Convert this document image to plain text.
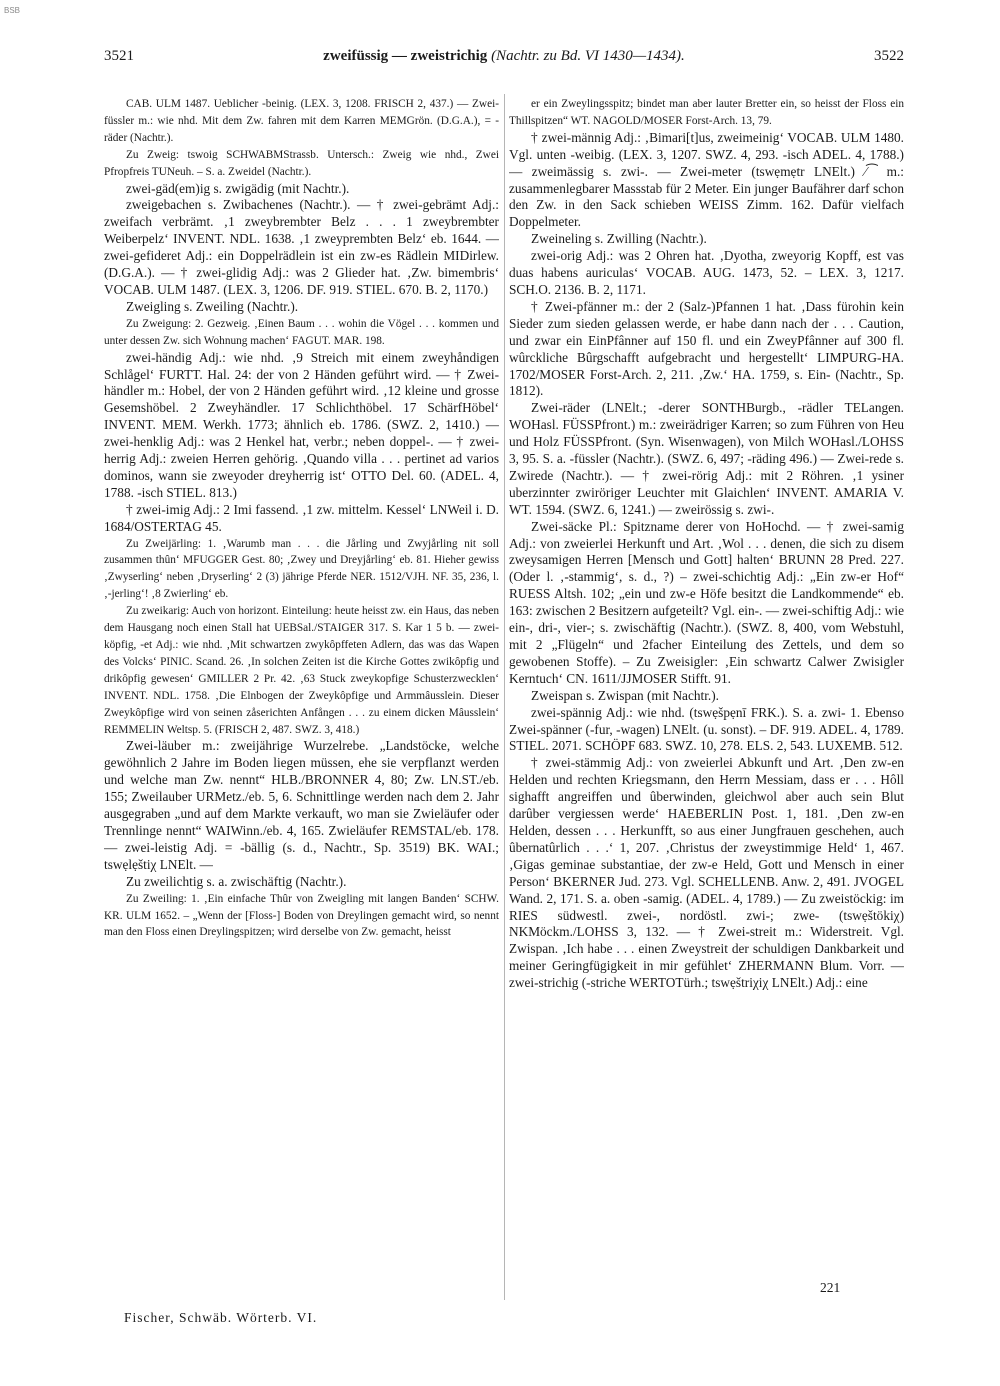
BSB
3521	zweifüssig — zweistrichig (Nachtr. zu Bd. VI 1430—1434).	3522

CAB. ULM 1487. Ueblicher -beinig. (LEX. 3, 1208. FRISCH 2, 437.) — Zwei-füssler m.: wie nhd. Mit dem Zw. fahren mit dem Karren MEMGrön. (D.G.A.), = -räder (Nachtr.).

Zu Zweig: tswoig SCHWABMStrassb. Untersch.: Zweig wie nhd., Zwei Pfropfreis TUNeuh. – S. a. Zweidel (Nachtr.).

zwei-gäd(em)ig s. zwigädig (mit Nachtr.).

zweigebachen s. Zwibachenes (Nachtr.). — † zwei-gebrämt Adj.: zweifach verbrämt. ‚1 zweybrembter Belz . . . 1 zweybrembter Weiberpelz‘ INVENT. NDL. 1638. ‚1 zweyprembten Belz‘ eb. 1644. — zwei-gefideret Adj.: ein Doppelrädlein ist ein zw-es Rädlein MIDirlew. (D.G.A.). — † zwei-glidig Adj.: was 2 Glieder hat. ‚Zw. bimembris‘ VOCAB. ULM 1487. (LEX. 3, 1206. DF. 919. STIEL. 670. B. 2, 1170.)

Zweigling s. Zweiling (Nachtr.).

Zu Zweigung: 2. Gezweig. ‚Einen Baum . . . wohin die Vögel . . . kommen und unter dessen Zw. sich Wohnung machen‘ FAGUT. MAR. 198.

zwei-händig Adj.: wie nhd. ‚9 Streich mit einem zweyhåndigen Schlågel‘ FURTT. Hal. 24: der von 2 Händen geführt wird. — † Zwei-händler m.: Hobel, der von 2 Händen geführt wird. ‚12 kleine und grosse Gesemshöbel. 2 Zweyhändler. 17 Schlichthöbel. 17 SchärfHöbel‘ INVENT. MEM. Werkh. 1773; ähnlich eb. 1786. (SWZ. 2, 1410.) — zwei-henklig Adj.: was 2 Henkel hat, verbr.; neben doppel-. — † zwei-herrig Adj.: zweien Herren gehörig. ‚Quando villa . . . pertinet ad varios dominos, wann sie zweyoder dreyherrig ist‘ OTTO Del. 60. (ADEL. 4, 1788. -isch STIEL. 813.)

† zwei-imig Adj.: 2 Imi fassend. ‚1 zw. mittelm. Kessel‘ LNWeil i. D. 1684/OSTERTAG 45.

Zu Zweijärling: 1. ‚Warumb man . . . die Jårling und Zwyjårling nit soll zusammen thûn‘ MFUGGER Gest. 80; ‚Zwey und Dreyjårling‘ eb. 81. Hieher gewiss ‚Zwyserling‘ neben ‚Dryserling‘ 2 (3) jährige Pferde NER. 1512/VJH. NF. 35, 236, l. ‚-jerling‘! ‚8 Zwierling‘ eb.

Zu zweikarig: Auch von horizont. Einteilung: heute heisst zw. ein Haus, das neben dem Hausgang noch einen Stall hat UEBSal./STAIGER 317. S. Kar 1 5 b. — zwei-köpfig, -et Adj.: wie nhd. ‚Mit schwartzen zwykôpffeten Adlern, das was das Wapen des Volcks‘ PINIC. Scand. 26. ‚In solchen Zeiten ist die Kirche Gottes zwikôpfig und drikôpfig gewesen‘ GMILLER 2 Pr. 42. ‚63 Stuck zweykopfige Schusterzwecklen‘ INVENT. NDL. 1758. ‚Die Elnbogen der Zweykôpfige und Armmâusslein. Dieser Zweykôpfige wird von seinen zåserichten Anfången . . . zu einem dicken Mâusslein‘ REMMELIN Weltsp. 5. (FRISCH 2, 487. SWZ. 3, 418.)

Zwei-läuber m.: zweijährige Wurzelrebe. „Landstöcke, welche gewöhnlich 2 Jahre im Boden liegen müssen, ehe sie verpflanzt werden und welche man Zw. nennt“ HLB./BRONNER 4, 80; Zw. LN.ST./eb. 155; Zweilauber URMetz./eb. 5, 6. Schnittlinge werden nach dem 2. Jahr ausgegraben „und auf dem Markte verkauft, wo man sie Zwieläufer oder Trennlinge nennt“ WAIWinn./eb. 4, 165. Zwieläufer REMSTAL/eb. 178. — zwei-leistig Adj. = -bällig (s. d., Nachtr., Sp. 3519) BK. WAI.; tswẹlẹštiχ LNElt. —

Zu zweilichtig s. a. zwischäftig (Nachtr.).

Zu Zweiling: 1. ‚Ein einfache Thûr von Zweigling mit langen Banden‘ SCHW. KR. ULM 1652. – „Wenn der [Floss-] Boden von Dreylingen gemacht wird, so nennt man den Floss einen Dreylingspitzen; wird derselbe von Zw. gemacht, heisst

er ein Zweylingsspitz; bindet man aber lauter Bretter ein, so heisst der Floss ein Thillspitzen“ WT. NAGOLD/MOSER Forst-Arch. 13, 79.

† zwei-männig Adj.: ‚Bimari[t]us, zweimeinig‘ VOCAB. ULM 1480. Vgl. unten -weibig. (LEX. 3, 1207. SWZ. 4, 293. -isch ADEL. 4, 1788.) — zweimässig s. zwi-. — Zwei-meter (tswẹmẹtr LNElt.) ⁄⁀ m.: zusammenlegbarer Massstab für 2 Meter. Ein junger Baufährer darf schon den Zw. in den Sack schieben WEISS Zimm. 162. Dafür vielfach Doppelmeter.

Zweineling s. Zwilling (Nachtr.).

zwei-orig Adj.: was 2 Ohren hat. ‚Dyotha, zweyorig Kopff, est vas duas habens auriculas‘ VOCAB. AUG. 1473, 52. – LEX. 3, 1217. SCH.O. 2136. B. 2, 1171.

† Zwei-pfänner m.: der 2 (Salz-)Pfannen 1 hat. ‚Dass fürohin kein Sieder zum sieden gelassen werde, er habe dann nach der . . . Caution, und zwar ein EinPfânner auf 150 fl. und ein ZweyPfânner auf 300 fl. wûrckliche Bûrgschafft aufgebracht und hergestellt‘ LIMPURG-HA. 1702/MOSER Forst-Arch. 2, 211. ‚Zw.‘ HA. 1759, s. Ein- (Nachtr., Sp. 1812).

Zwei-räder (LNElt.; -derer SONTHBurgb., -rädler TELangen. WOHasl. FÜSSPfront.) m.: zweirädriger Karren; so zum Führen von Heu und Holz FÜSSPfront. (Syn. Wisenwagen), von Milch WOHasl./LOHSS 3, 95. S. a. -füssler (Nachtr.). (SWZ. 6, 497; -räding 496.) — Zwei-rede s. Zwirede (Nachtr.). — † zwei-rörig Adj.: mit 2 Röhren. ‚1 ysiner uberzinnter zwiröriger Leuchter mit Glaichlen‘ INVENT. AMARIA V. WT. 1594. (SWZ. 6, 1241.) — zweirössig s. zwi-.

Zwei-säcke Pl.: Spitzname derer von HoHochd. — † zwei-samig Adj.: von zweierlei Herkunft und Art. ‚Wol . . . denen, die sich zu disem zweysamigen Herren [Mensch und Gott] halten‘ BRUNN 28 Pred. 227. (Oder l. ‚-stammig‘, s. d., ?) – zwei-schichtig Adj.: „Ein zw-er Hof“ RUESS Altsh. 102; „ein und zw-e Höfe besitzt die Landkommende“ eb. 163: zwischen 2 Besitzern aufgeteilt? Vgl. ein-. — zwei-schiftig Adj.: wie ein-, dri-, vier-; s. zwischäftig (Nachtr.). (SWZ. 8, 400, vom Webstuhl, mit 2 „Flügeln“ und 2facher Einteilung des Zettels, und dem so gewobenen Stoffe). – Zu Zweisigler: ‚Ein schwartz Calwer Zwisigler Kerntuch‘ CN. 1611/JJMOSER Stifft. 91.

Zweispan s. Zwispan (mit Nachtr.).

zwei-spännig Adj.: wie nhd. (tswẹšpẹnī FRK.). S. a. zwi- 1. Ebenso Zwei-spänner (-fur, -wagen) LNElt. (u. sonst). – DF. 919. ADEL. 4, 1789. STIEL. 2071. SCHÖPF 683. SWZ. 10, 278. ELS. 2, 543. LUXEMB. 512.

† zwei-stämmig Adj.: von zweierlei Abkunft und Art. ‚Den zw-en Helden und rechten Kriegsmann, den Herrn Messiam, dass er . . . Hôll sighafft angreiffen und ûberwinden, gleichwol aber auch sein Blut darûber vergiessen werde‘ HAEBERLIN Post. 1, 181. ‚Den zw-en Helden, dessen . . . Herkunfft, so aus einer Jungfrauen geschehen, auch ûbernatûrlich . . .‘ 1, 207. ‚Christus der zweystimmige Held‘ 1, 467. ‚Gigas geminae substantiae, der zw-e Held, Gott und Mensch in einer Person‘ BKERNER Jud. 273. Vgl. SCHELLENB. Anw. 2, 491. JVOGEL Wand. 2, 171. S. a. oben -samig. (ADEL. 4, 1789.) — Zu zweistöckig: im RIES südwestl. zwei-, nordöstl. zwi-; zwe- (tswẹštökiχ) NKMöckm./LOHSS 3, 132. — † Zwei-streit m.: Widerstreit. Vgl. Zwispan. ‚Ich habe . . . einen Zweystreit der schuldigen Dankbarkeit und meiner Geringfügigkeit in mir gefühlet‘ ZHERMANN Blum. Vorr. — zwei-strichig (-striche WERTOTürh.; tswẹštriχiχ LNElt.) Adj.: eine

Fischer, Schwäb. Wörterb. VI.
221
